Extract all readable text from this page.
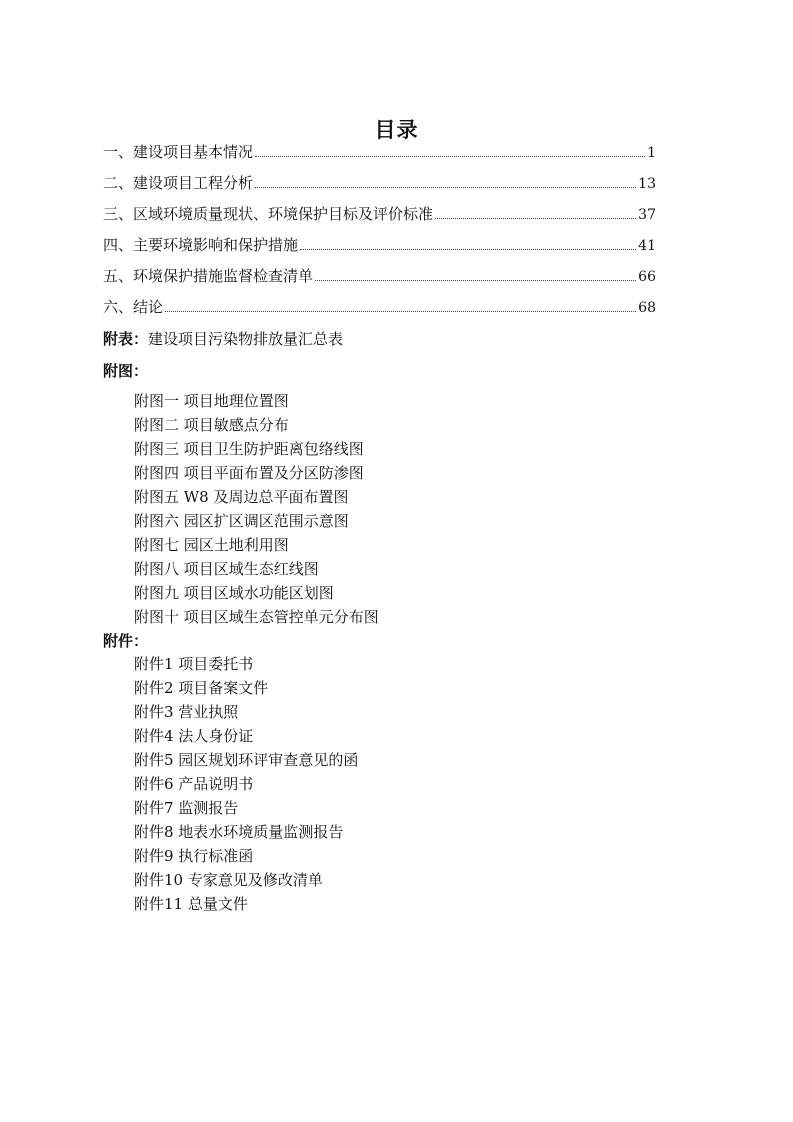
目录
一、建设项目基本情况	1
二、建设项目工程分析	13
三、区域环境质量现状、环境保护目标及评价标准	37
四、主要环境影响和保护措施	41
五、环境保护措施监督检查清单	66
六、结论	68
附表：建设项目污染物排放量汇总表
附图：
附图一 项目地理位置图
附图二 项目敏感点分布
附图三 项目卫生防护距离包络线图
附图四 项目平面布置及分区防渗图
附图五 W8 及周边总平面布置图
附图六 园区扩区调区范围示意图
附图七 园区土地利用图
附图八 项目区域生态红线图
附图九 项目区域水功能区划图
附图十 项目区域生态管控单元分布图
附件：
附件1 项目委托书
附件2 项目备案文件
附件3 营业执照
附件4 法人身份证
附件5 园区规划环评审查意见的函
附件6 产品说明书
附件7 监测报告
附件8 地表水环境质量监测报告
附件9 执行标准函
附件10 专家意见及修改清单
附件11 总量文件
